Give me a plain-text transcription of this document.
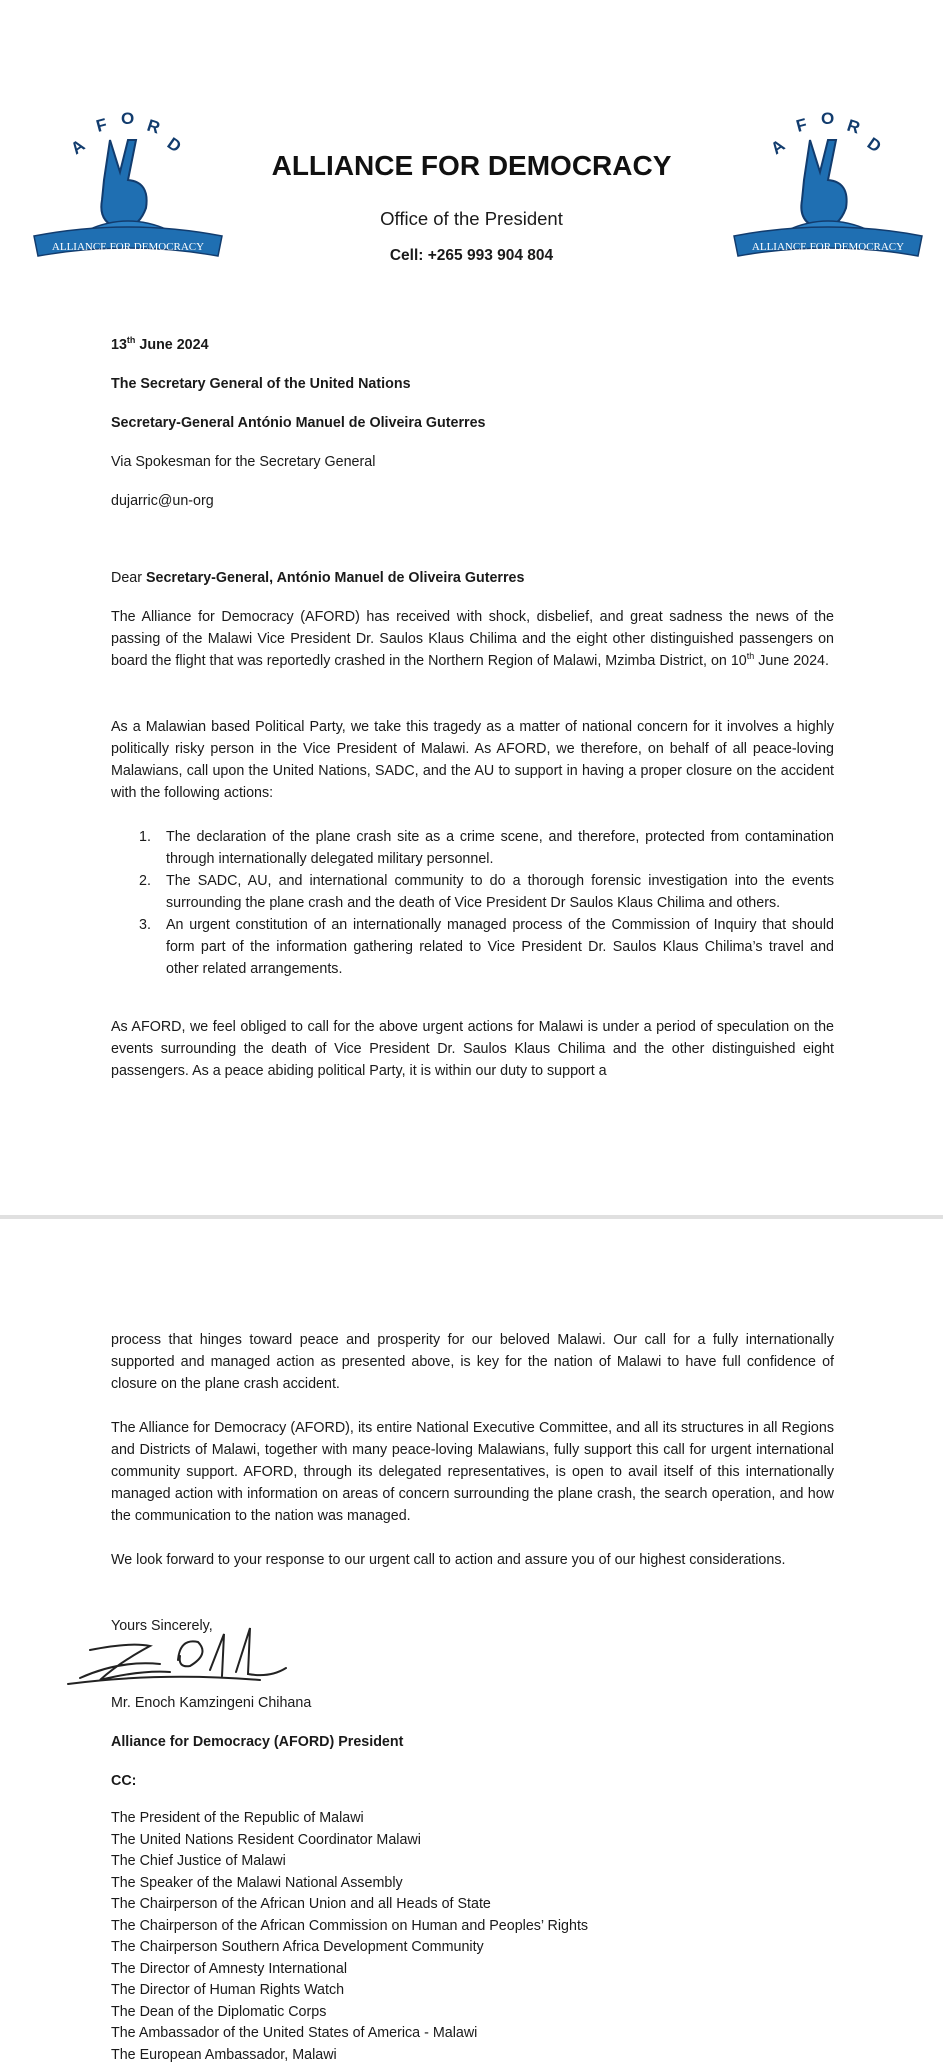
A
F O R
D
ALLIANCE FOR DEMOCRACY
A
F O R
D
ALLIANCE FOR DEMOCRACY
ALLIANCE FOR DEMOCRACY
Office of the President
Cell: +265 993 904 804
13th June 2024
The Secretary General of the United Nations
Secretary-General António Manuel de Oliveira Guterres
Via Spokesman for the Secretary General
dujarric@un-org
Dear Secretary-General, António Manuel de Oliveira Guterres
The Alliance for Democracy (AFORD) has received with shock, disbelief, and great sadness the news of the passing of the Malawi Vice President Dr. Saulos Klaus Chilima and the eight other distinguished passengers on board the flight that was reportedly crashed in the Northern Region of Malawi, Mzimba District, on 10th June 2024.
As a Malawian based Political Party, we take this tragedy as a matter of national concern for it involves a highly politically risky person in the Vice President of Malawi. As AFORD, we therefore, on behalf of all peace-loving Malawians, call upon the United Nations, SADC, and the AU to support in having a proper closure on the accident with the following actions:
1. The declaration of the plane crash site as a crime scene, and therefore, protected from contamination through internationally delegated military personnel.
2. The SADC, AU, and international community to do a thorough forensic investigation into the events surrounding the plane crash and the death of Vice President Dr Saulos Klaus Chilima and others.
3. An urgent constitution of an internationally managed process of the Commission of Inquiry that should form part of the information gathering related to Vice President Dr. Saulos Klaus Chilima’s travel and other related arrangements.
As AFORD, we feel obliged to call for the above urgent actions for Malawi is under a period of speculation on the events surrounding the death of Vice President Dr. Saulos Klaus Chilima and the other distinguished eight passengers. As a peace abiding political Party, it is within our duty to support a
process that hinges toward peace and prosperity for our beloved Malawi. Our call for a fully internationally supported and managed action as presented above, is key for the nation of Malawi to have full confidence of closure on the plane crash accident.
The Alliance for Democracy (AFORD), its entire National Executive Committee, and all its structures in all Regions and Districts of Malawi, together with many peace-loving Malawians, fully support this call for urgent international community support. AFORD, through its delegated representatives, is open to avail itself of this internationally managed action with information on areas of concern surrounding the plane crash, the search operation, and how the communication to the nation was managed.
We look forward to your response to our urgent call to action and assure you of our highest considerations.
Yours Sincerely,
Mr. Enoch Kamzingeni Chihana
Alliance for Democracy (AFORD) President
CC:
The President of the Republic of Malawi
The United Nations Resident Coordinator Malawi
The Chief Justice of Malawi
The Speaker of the Malawi National Assembly
The Chairperson of the African Union and all Heads of State
The Chairperson of the African Commission on Human and Peoples’ Rights
The Chairperson Southern Africa Development Community
The Director of Amnesty International
The Director of Human Rights Watch
The Dean of the Diplomatic Corps
The Ambassador of the United States of America - Malawi
The European Ambassador, Malawi
